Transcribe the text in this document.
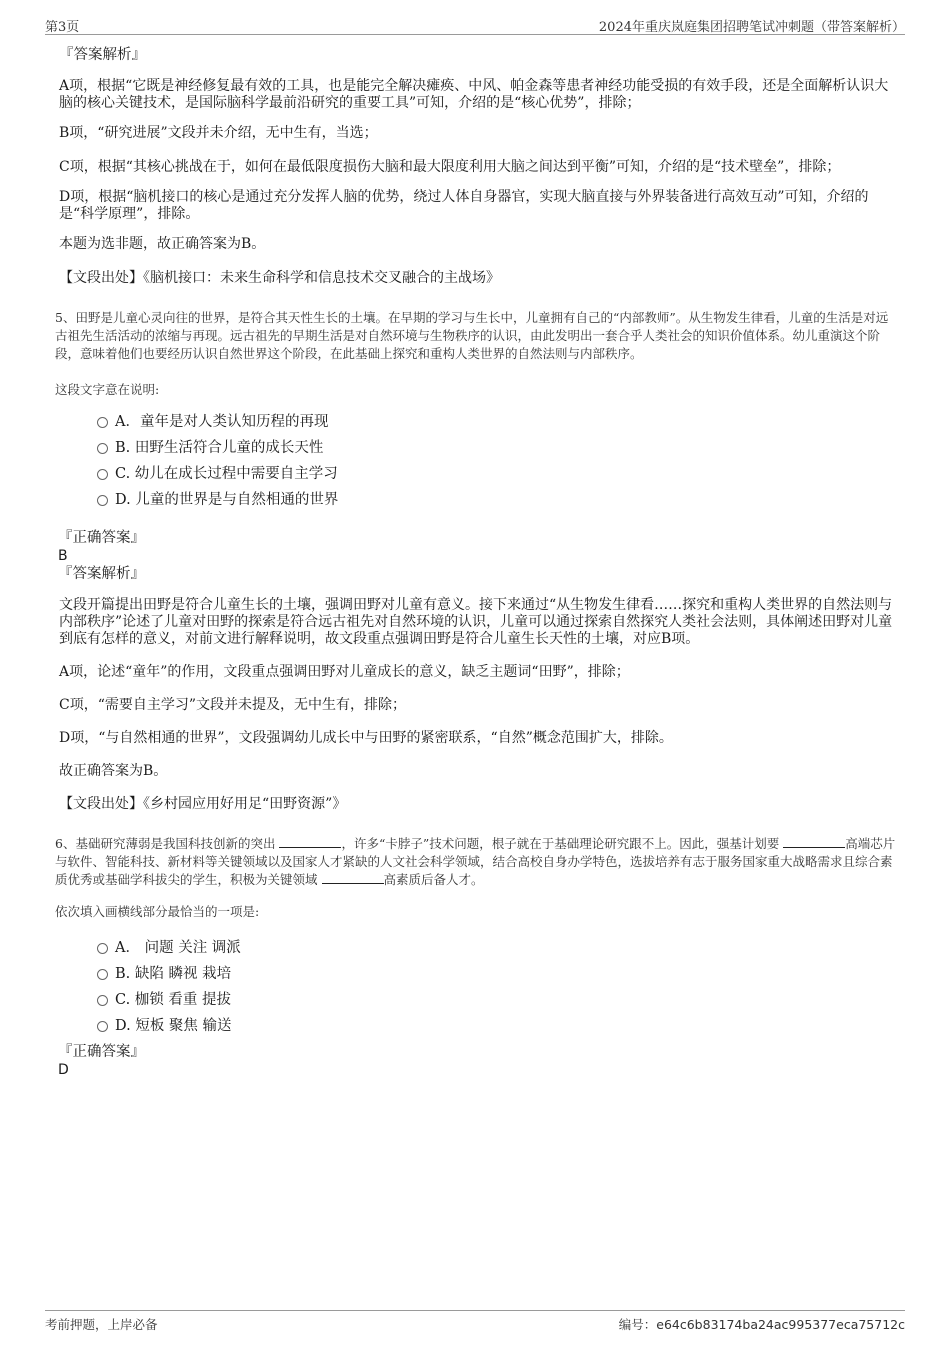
第3页	2024年重庆岚庭集团招聘笔试冲刺题（带答案解析）
『答案解析』

A项，根据“它既是神经修复最有效的工具，也是能完全解决瘫痪、中风、帕金森等患者神经功能受损的有效手段，还是全面解析认识大脑的核心关键技术，是国际脑科学最前沿研究的重要工具”可知，介绍的是“核心优势”，排除；

B项，“研究进展”文段并未介绍，无中生有，当选；

C项，根据“其核心挑战在于，如何在最低限度损伤大脑和最大限度利用大脑之间达到平衡”可知，介绍的是“技术壁垒”，排除；

D项，根据“脑机接口的核心是通过充分发挥人脑的优势，绕过人体自身器官，实现大脑直接与外界装备进行高效互动”可知，介绍的是“科学原理”，排除。

本题为选非题，故正确答案为B。

【文段出处】《脑机接口：未来生命科学和信息技术交叉融合的主战场》

5、田野是儿童心灵向往的世界，是符合其天性生长的土壤。在早期的学习与生长中，儿童拥有自己的“内部教师”。从生物发生律看，儿童的生活是对远古祖先生活活动的浓缩与再现。远古祖先的早期生活是对自然环境与生物秩序的认识，由此发明出一套合乎人类社会的知识价值体系。幼儿重演这个阶段，意味着他们也要经历认识自然世界这个阶段，在此基础上探究和重构人类世界的自然法则与内部秩序。

这段文字意在说明:

A．童年是对人类认知历程的再现
B. 田野生活符合儿童的成长天性
C. 幼儿在成长过程中需要自主学习
D. 儿童的世界是与自然相通的世界
『正确答案』
B
『答案解析』

文段开篇提出田野是符合儿童生长的土壤，强调田野对儿童有意义。接下来通过“从生物发生律看……探究和重构人类世界的自然法则与内部秩序”论述了儿童对田野的探索是符合远古祖先对自然环境的认识，儿童可以通过探索自然探究人类社会法则，具体阐述田野对儿童到底有怎样的意义，对前文进行解释说明，故文段重点强调田野是符合儿童生长天性的土壤，对应B项。

A项，论述“童年”的作用，文段重点强调田野对儿童成长的意义，缺乏主题词“田野”，排除；

C项，“需要自主学习”文段并未提及，无中生有，排除；

D项，“与自然相通的世界”，文段强调幼儿成长中与田野的紧密联系，“自然”概念范围扩大，排除。

故正确答案为B。

【文段出处】《乡村园应用好用足“田野资源”》

6、基础研究薄弱是我国科技创新的突出	，许多“卡脖子”技术问题，根子就在于基础理论研究跟不上。因此，强基计划要	高端芯片与软件、智能科技、新材料等关键领域以及国家人才紧缺的人文社会科学领域，结合高校自身办学特色，选拔培养有志于服务国家重大战略需求且综合素质优秀或基础学科拔尖的学生，积极为关键领域	高素质后备人才。

依次填入画横线部分最恰当的一项是:

A． 问题 关注 调派
B. 缺陷 瞵视 栽培
C. 枷锁 看重 提拔
D. 短板 聚焦 输送
『正确答案』
D
考前押题，上岸必备	编号：e64c6b83174ba24ac995377eca75712c
